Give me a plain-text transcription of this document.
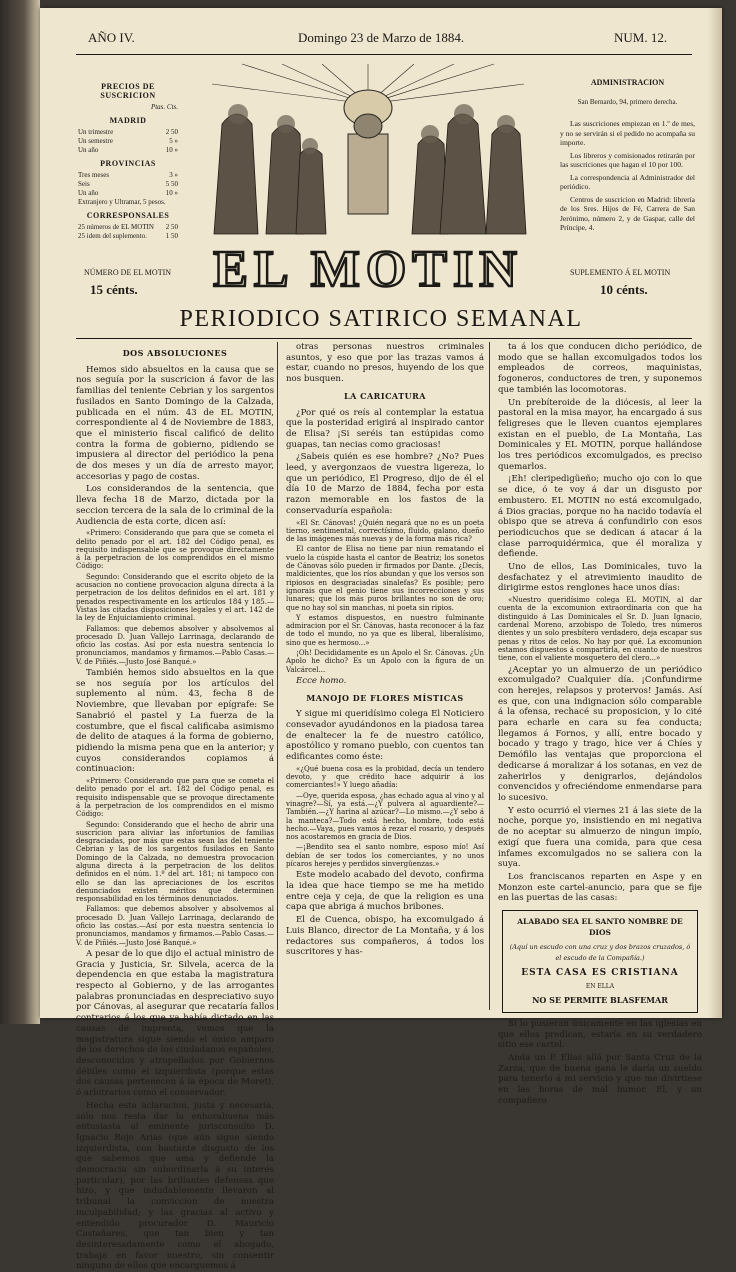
AÑO IV.	Domingo 23 de Marzo de 1884.	NUM. 12.
PRECIOS DE SUSCRICION
Ptas. Cts.
MADRID
Un trimestre	2 50
Un semestre	5 »
Un año	10 »
PROVINCIAS
Tres meses	3 »
Seis	5 50
Un año	10 »
Extranjero y Ultramar, 5 pesos.
CORRESPONSALES
25 números de EL MOTIN 2 50
25 idem del suplemento.	1 50
NÚMERO DE EL MOTIN
15 cénts. EL MOTIN
ADMINISTRACION
San Bernardo, 94, primero derecha.

Las suscriciones empiezan en 1.º de mes, y no se servirán si el pedido no acompaña su importe.

Los libreros y comisionados retirarán por las suscriciones que hagan el 10 por 100.

La correspondencia al Administrador del periódico.

Centros de suscricion en Madrid: librería de los Sres. Hijos de Fé, Carrera de San Jerónimo, número 2, y de Gaspar, calle del Príncipe, 4.

SUPLEMENTO Á EL MOTIN
10 cénts.
PERIODICO SATIRICO SEMANAL
DOS ABSOLUCIONES

Hemos sido absueltos en la causa que se nos seguía por la suscricion á favor de las familias del teniente Cebrian y los sargentos fusilados en Santo Domingo de la Calzada, publicada en el núm. 43 de EL MOTIN, correspondiente al 4 de Noviembre de 1883, que el ministerio fiscal calificó de delito contra la forma de gobierno, pidiendo se impusiera al director del periódico la pena de dos meses y un día de arresto mayor, accesorias y pago de costas.

Los considerandos de la sentencia, que lleva fecha 18 de Marzo, dictada por la seccion tercera de la sala de lo criminal de la Audiencia de esta corte, dicen así:

«Primero: Considerando que para que se cometa el delito penado por el art. 182 del Código penal, es requisito indispensable que se provoque directamente á la perpetracion de los comprendidos en el mismo Código:

Segundo: Considerando que el escrito objeto de la acusacion no contiene provocacion alguna directa á la perpetracion de los delitos definidos en el art. 181 y penados respectivamente en los artículos 184 y 185.—Vistas las citadas disposiciones legales y el art. 142 de la ley de Enjuiciamiento criminal.

Fallamos: que debemos absolver y absolvemos al procesado D. Juan Vallejo Larrinaga, declarando de oficio las costas. Así por esta nuestra sentencia lo pronunciamos, mandamos y firmamos.—Pablo Casas.—V. de Piñiés.—Justo José Banqué.»

También hemos sido absueltos en la que se nos seguía por los artículos del suplemento al núm. 43, fecha 8 de Noviembre, que llevaban por epígrafe: Se Sanabrió el pastel y La fuerza de la costumbre, que el fiscal calificaba asimismo de delito de ataques á la forma de gobierno, pidiendo la misma pena que en la anterior; y cuyos considerandos copiamos á continuacion:

«Primero: Considerando que para que se cometa el delito penado por el art. 182 del Código penal, es requisito indispensable que se provoque directamente á la perpetracion de los comprendidos en el mismo Código:

Segundo: Considerando que el hecho de abrir una suscricion para aliviar las infortunios de familias desgraciadas, por más que estas sean las del teniente Cebrian y las de los sargentos fusilados en Santo Domingo de la Calzada, no demuestra provocacion alguna directa á la perpetracion de los delitos definidos en el núm. 1.º del art. 181; ni tampoco con ello se dan las apreciaciones de los escritos denunciados existen méritos que determinen responsabilidad en los términos denunciados.

Fallamos: que debemos absolver y absolvemos al procesado D. Juan Vallejo Larrinaga, declarando de oficio las costas.—Así por esta nuestra sentencia lo pronunciamos, mandamos y firmamos.—Pablo Casas.—V. de Piñiés.—Justo José Banqué.»

A pesar de lo que dijo el actual ministro de Gracia y Justicia, Sr. Silvela, acerca de la dependencia en que estaba la magistratura respecto al Gobierno, y de las arrogantes palabras pronunciadas en despreciativo suyo por Cánovas, al asegurar que recataría fallos contrarios á los que ya había dictado en las causas de imprenta, vemos que la magistratura sigue siendo el único amparo de los derechos de los ciudadanos españoles, desconocidos y atropellados por Gobiernos débiles como el izquierdista (porque estas dos causas pertenecen á la época de Moret), ó arbitrarios como el conservador.

Hecha esta aclaracion, justa y necesaria, sólo nos resta dar la enhorabuena más entusiasta al eminente jurisconsulto D. Ignacio Rojo Arias (que aún sigue siendo izquierdista, con bastante disgusto de los que sabemos que ama y defiende la democracia sin subordinarla á su interés particular), por las brillantes defensas que hizo, y que indudablemente llevaron al tribunal la conviccion de nuestra inculpabilidad; y las gracias al activo y entendido procurador D. Mauricio Castañares, que tan bien y tan desinteresadamente como el abogado, trabaja en favor nuestro, sin consentir ninguno de ellos que encarguemos á

otras personas nuestros criminales asuntos, y eso que por las trazas vamos á estar, cuando no presos, huyendo de los que nos busquen.

LA CARICATURA

¿Por qué os reís al contemplar la estatua que la posteridad erigirá al inspirado cantor de Elisa? ¡Si seréis tan estúpidas como guapas, tan necias como graciosas!

¿Sabeis quién es ese hombre? ¿No? Pues leed, y avergonzaos de vuestra ligereza, lo que un periódico, El Progreso, dijo de él el día 10 de Marzo de 1884, fecha por esta razon memorable en los fastos de la conservaduría española:

«El Sr. Cánovas! ¿Quién negará que no es un poeta tierno, sentimental, correctísimo, fluido, galano, dueño de las imágenes más nuevas y de la forma más rica?

El cantor de Elisa no tiene par niun rematando el vuelo la cúspide hasta el cantor de Beatriz; los sonetos de Cánovas sólo pueden ir firmados por Dante. ¿Decís, maldicientes, que los ríos abundan y que los versos son ripiosos en desgraciadas sinalefas? Es posible; pero ignorais que el genio tiene sus incorrecciones y sus lunares; que los más puros brillantes no son de oro; que no hay sol sin manchas, ni poeta sin ripios.

Y estamos dispuestos, en nuestro fulminante admiracion por el Sr. Cánovas, hasta reconocer á la faz de todo el mundo, no ya que es liberal, liberalísimo, sino que es hermoso...»

¡Oh! Decididamente es un Apolo el Sr. Cánovas. ¿Un Apolo he dicho? Es un Apolo con la figura de un Valcárcel...

Ecce homo.

MANOJO DE FLORES MÍSTICAS

Y sigue mi queridísimo colega El Noticiero consevador ayudándonos en la piadosa tarea de enaltecer la fe de nuestro católico, apostólico y romano pueblo, con cuentos tan edificantes como éste:

«¿Qué buena cosa es la probidad, decía un tendero devoto, y que crédito hace adquirir á los comerciantes!» Y luego añadía:

—Oye, querida esposa, ¿has echado agua al vino y al vinagre?—Sí, ya está.—¿Y pulvera al aguardiente?—También.—¿Y harina al azúcar?—Lo mismo.—¿Y sebo á la manteca?—Todo está hecho, hombre, todo está hecho.—Vaya, pues vamos á rezar el rosario, y después nos acostaremos en gracia de Dios.

—¡Bendito sea el santo nombre, esposo mío! Así debían de ser todos los comerciantes, y no unos pícaros herejes y perdidos sinvergüenzas.»

Este modelo acabado del devoto, confirma la idea que hace tiempo se me ha metido entre ceja y ceja, de que la religion es una capa que abriga á muchos bribones.

El de Cuenca, obispo, ha excomulgado á Luis Blanco, director de La Montaña, y á los redactores sus compañeros, á todos los suscritores y has-

ta á los que conducen dicho periódico, de modo que se hallan excomulgados todos los empleados de correos, maquinistas, fogoneros, conductores de tren, y suponemos que también las locomotoras.

Un prebíteroide de la diócesis, al leer la pastoral en la misa mayor, ha encargado á sus feligreses que le lleven cuantos ejemplares existan en el pueblo, de La Montaña, Las Dominicales y EL MOTIN, porque hallándose los tres periódicos excomulgados, es preciso quemarlos.

¡Eh! cleripedigüeño; mucho ojo con lo que se dice, ó te voy á dar un disgusto por embustero. EL MOTIN no está excomulgado, á Dios gracias, porque no ha nacido todavía el obispo que se atreva á confundirlo con esos periodicuchos que se dedican á atacar á la clase parroquidérmica, que él moraliza y defiende.

Uno de ellos, Las Dominicales, tuvo la desfachatez y el atrevimiento inaudito de dirigirme estos renglones hace unos días:

«Nuestro queridísimo colega EL MOTIN, al dar cuenta de la excomunion extraordinaria con que ha distinguido á Las Dominicales el Sr. D. Juan Ignacio, cardenal Moreno, arzobispo de Toledo, tres números dientes y un solo presbítero verdadero, deja escapar sus penas y ritos de celos. No hay por qué. La excomunion estamos dispuestos á compartirla, en cuanto de nuestros tiene, con el valiente mosquetero del clero...»

¿Aceptar yo un almuerzo de un periódico excomulgado? Cualquier día. ¡Confundirme con herejes, relapsos y protervos! Jamás. Así es que, con una indignacion sólo comparable á la ofensa, rechacé su proposicion, y lo cité para echarle en cara su fea conducta; llegamos á Fornos, y allí, entre bocado y bocado y trago y trago, hice ver á Chíes y Demófilo las ventajas que proporciona el dedicarse á moralizar á los sotanas, en vez de zaherirlos y denigrarlos, dejándolos convencidos y ofreciéndome enmendarse para lo sucesivo.

Y esto ocurrió el viernes 21 á las siete de la noche, porque yo, insistiendo en mi negativa de no aceptar su almuerzo de ningun impío, exigí que fuera una comida, para que cesa infames excomulgados no se saliera con la suya.

Los franciscanos reparten en Aspe y en Monzon este cartel-anuncio, para que se fije en las puertas de las casas:

ALABADO SEA EL SANTO NOMBRE DE DIOS
(Aquí un escudo con una cruz y dos brazos cruzados, ó el escudo de la Compañía.)
ESTA CASA ES CRISTIANA
EN ELLA
NO SE PERMITE BLASFEMAR

Si lo pusieran únicamente en las iglesias en que ellos predican, estaría en su verdadero sitio ese cartel.

Anda un P. Elías allá por Santa Cruz de la Zarza, que de buena gana le daría un sueldo para tenerlo á mi servicio y que me divirtiese en las horas de mal humor. El, y un compañero
